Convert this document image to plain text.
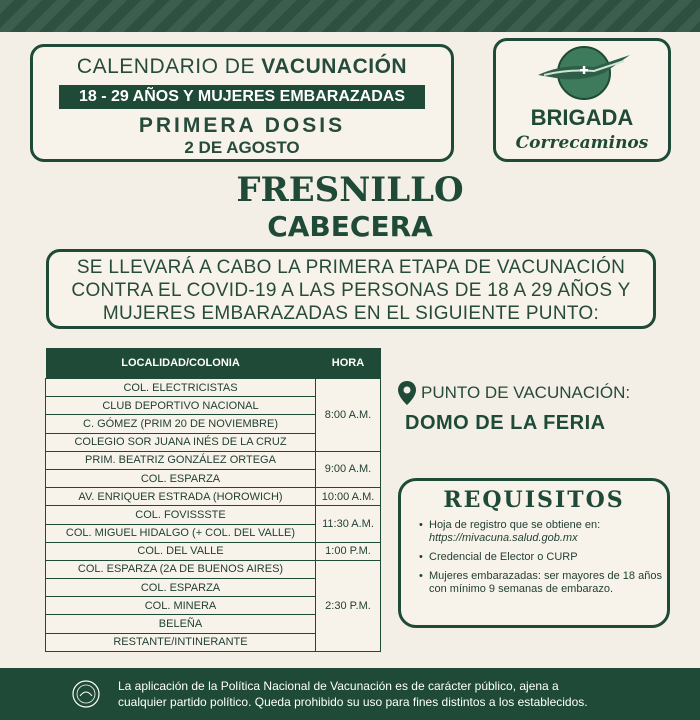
CALENDARIO DE VACUNACIÓN
18 - 29 AÑOS Y MUJERES EMBARAZADAS
PRIMERA DOSIS
2 DE AGOSTO
BRIGADA
Correcaminos
FRESNILLO
CABECERA
SE LLEVARÁ A CABO LA PRIMERA ETAPA DE VACUNACIÓN
CONTRA EL COVID-19 A LAS PERSONAS DE 18 A 29 AÑOS Y
MUJERES EMBARAZADAS EN EL SIGUIENTE PUNTO:
LOCALIDAD/COLONIA	HORA
COL. ELECTRICISTAS	8:00 A.M.
CLUB DEPORTIVO NACIONAL	
C. GÓMEZ (PRIM 20 DE NOVIEMBRE)	
COLEGIO SOR JUANA INÉS DE LA CRUZ	
PRIM. BEATRIZ GONZÁLEZ ORTEGA	9:00 A.M.
COL. ESPARZA	
AV. ENRIQUER ESTRADA (HOROWICH)	10:00 A.M.
COL. FOVISSSTE	11:30 A.M.
COL. MIGUEL HIDALGO (+ COL. DEL VALLE)	
COL. DEL VALLE	1:00 P.M.
COL. ESPARZA (2A DE BUENOS AIRES)	2:30 P.M.
COL. ESPARZA	
COL. MINERA	
BELEÑA	
RESTANTE/INTINERANTE	
PUNTO DE VACUNACIÓN:
DOMO DE LA FERIA
REQUISITOS
• Hoja de registro que se obtiene en:
https://mivacuna.salud.gob.mx
• Credencial de Elector o CURP
• Mujeres embarazadas: ser mayores de 18 años con mínimo 9 semanas de embarazo.
La aplicación de la Política Nacional de Vacunación es de carácter público, ajena a
cualquier partido político. Queda prohibido su uso para fines distintos a los establecidos.
